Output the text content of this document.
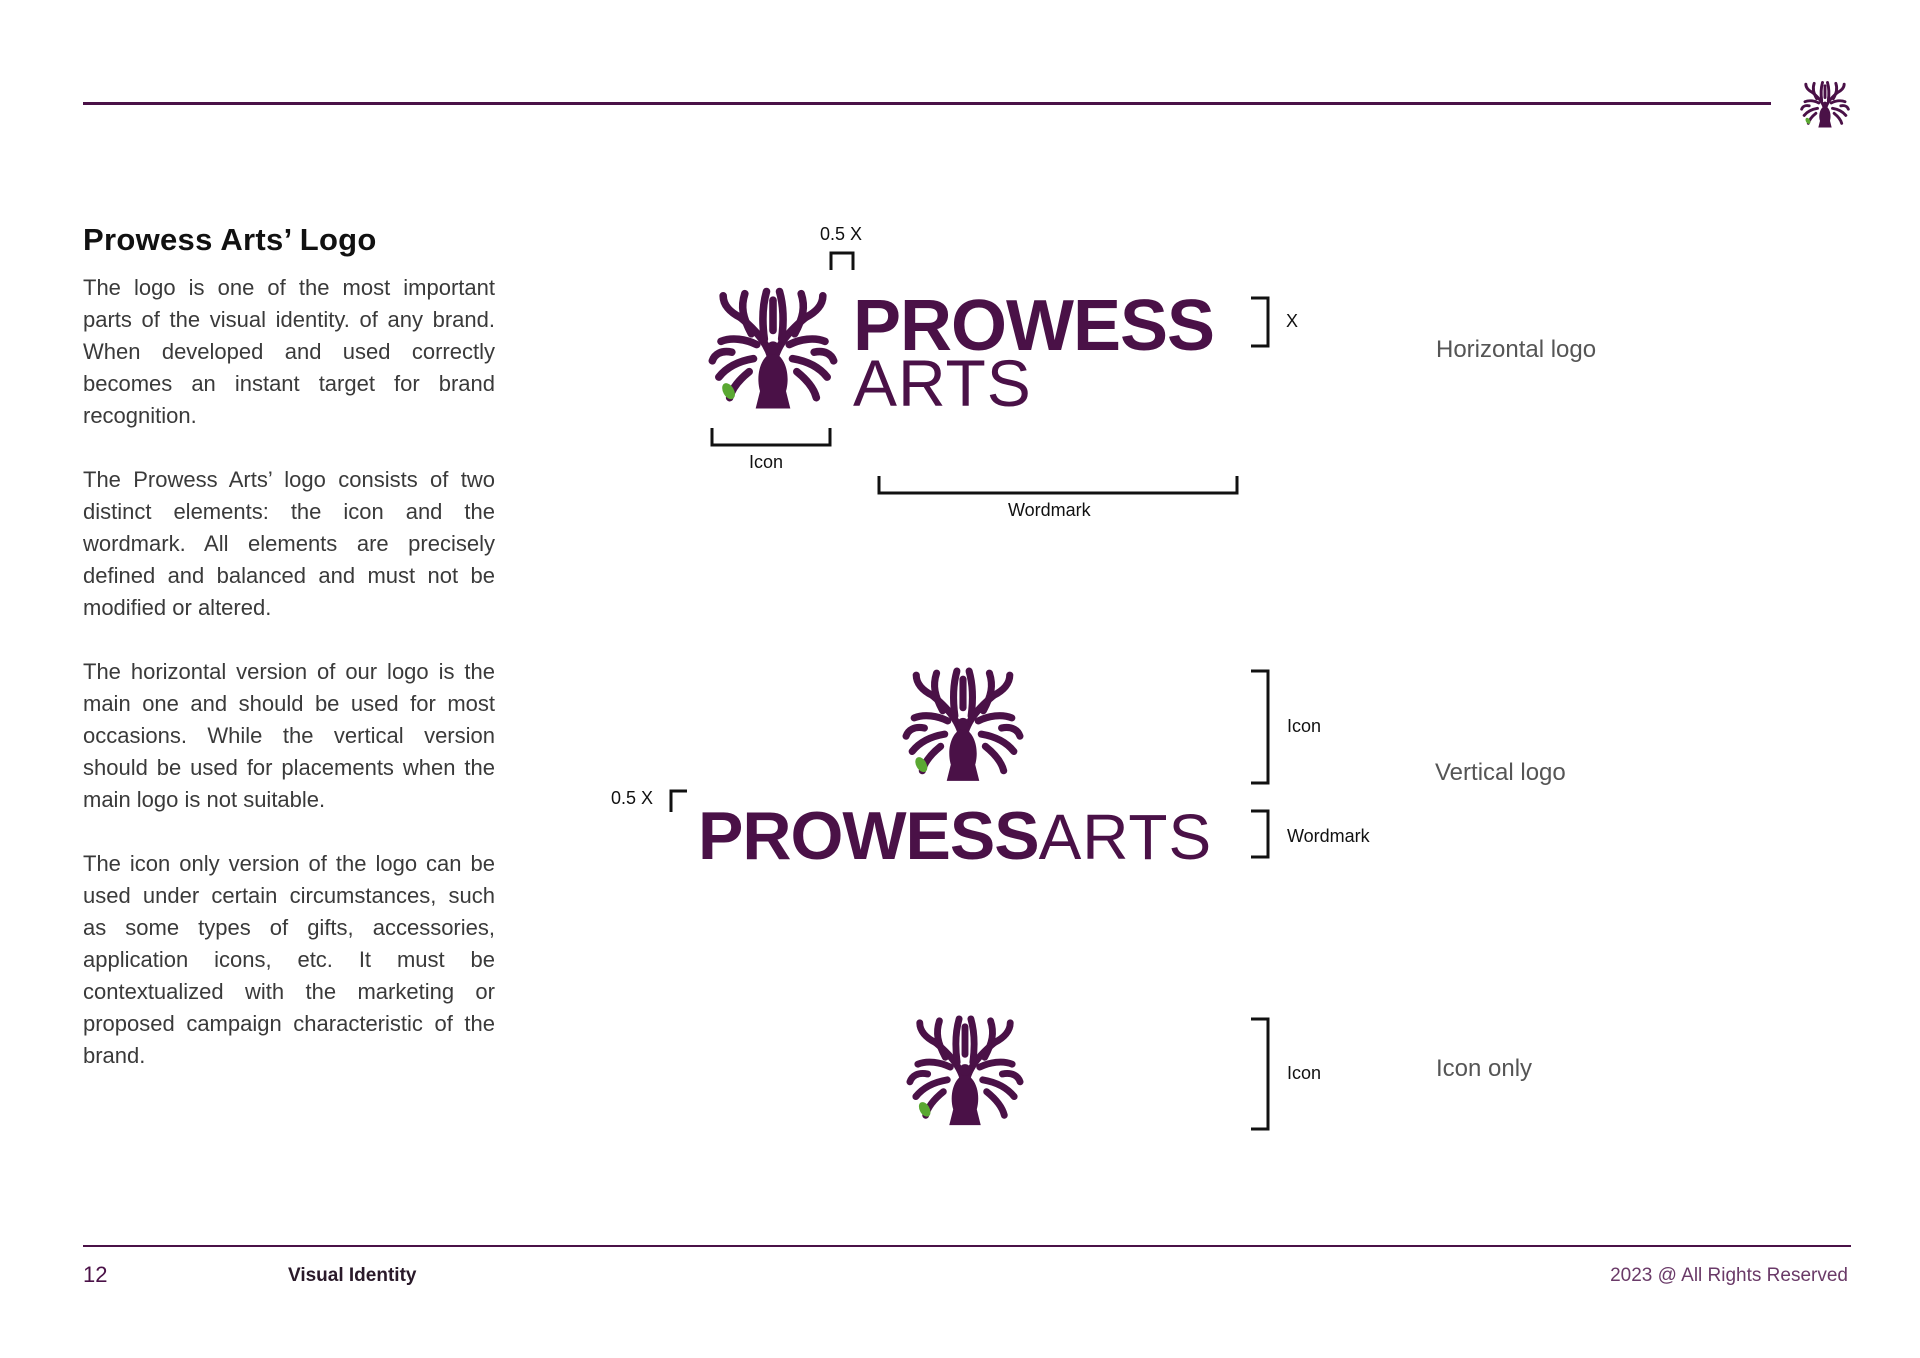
Prowess Arts’ Logo

The logo is one of the most important parts of the visual identity. of any brand. When developed and used correctly becomes an instant target for brand recognition.

The Prowess Arts’ logo consists of two distinct elements: the icon and the wordmark. All elements are precisely defined and balanced and must not be modified or altered.

The horizontal version of our logo is the main one and should be used for most occasions. While the vertical version should be used for placements when the main logo is not suitable.

The icon only version of the logo can be used under certain circumstances, such as some types of gifts, accessories, application icons, etc. It must be contextualized with the marketing or proposed campaign characteristic of the brand.

0.5 X
PROWESS
ARTS
X
Icon
Wordmark
Horizontal logo
0.5 X PROWESSARTS
Icon
Wordmark
Vertical logo
Icon	Icon only
12	Visual Identity	2023 @ All Rights Reserved
